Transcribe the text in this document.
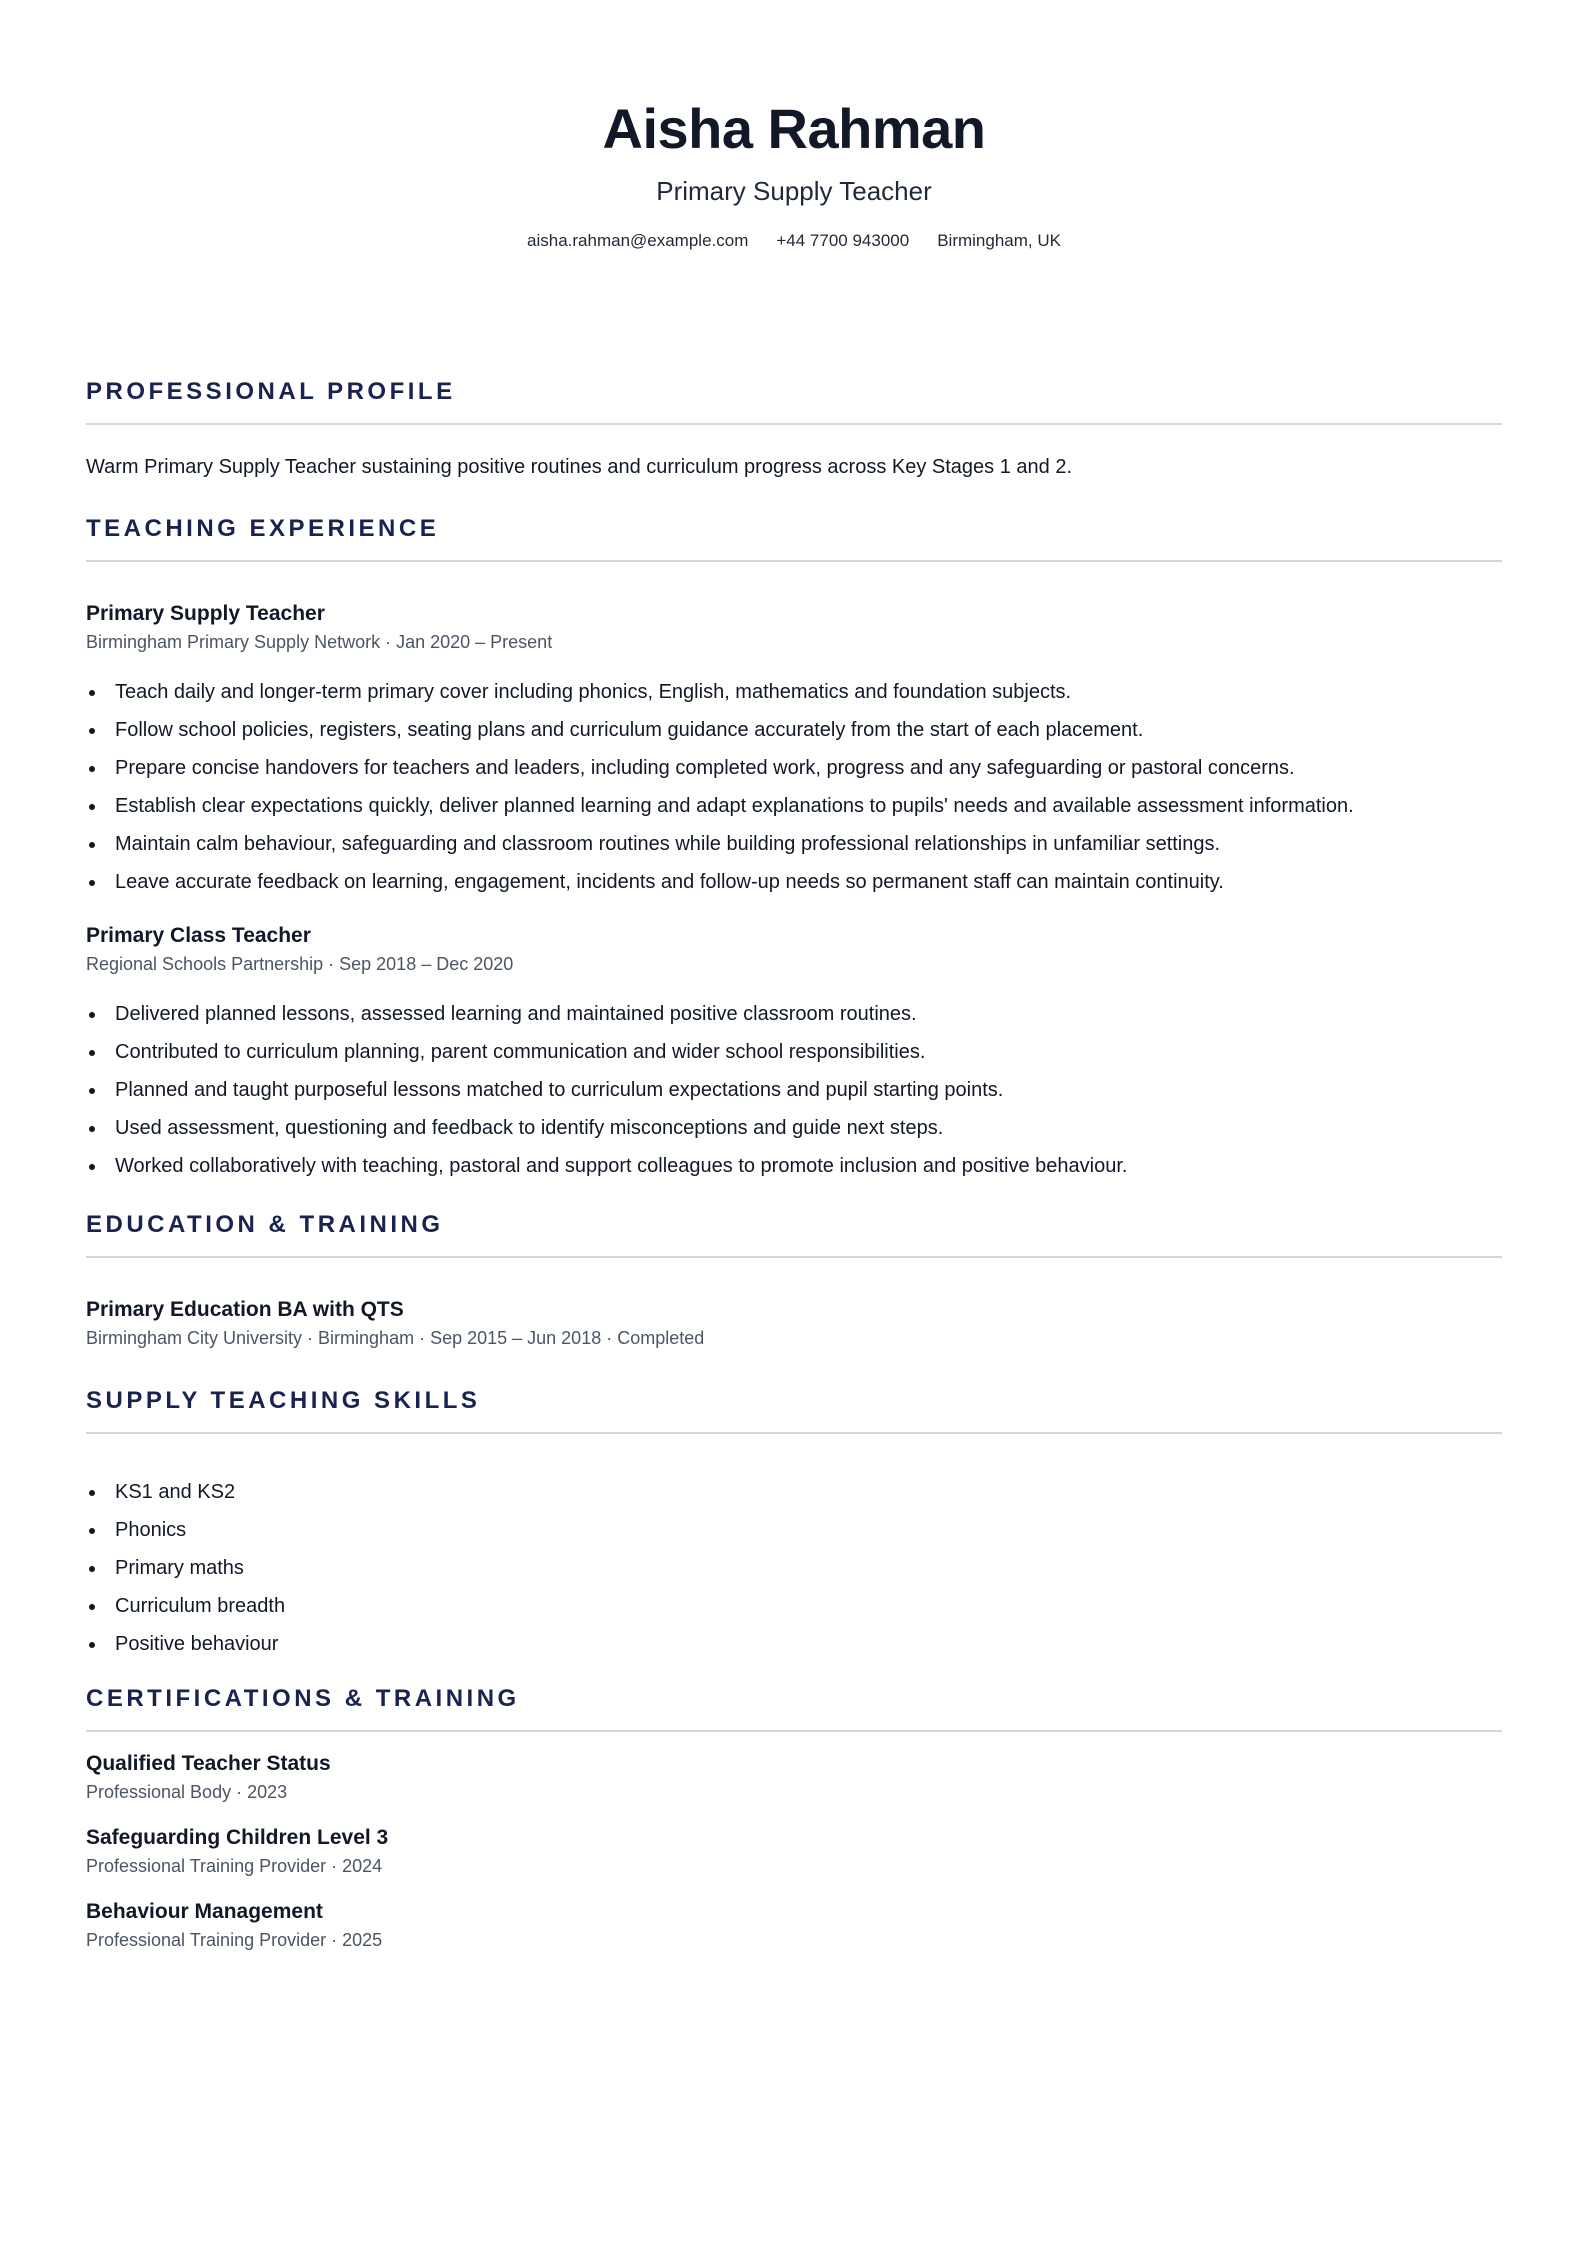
Aisha Rahman
Primary Supply Teacher
aisha.rahman@example.com +44 7700 943000 Birmingham, UK
PROFESSIONAL PROFILE
Warm Primary Supply Teacher sustaining positive routines and curriculum progress across Key Stages 1 and 2.
TEACHING EXPERIENCE
Primary Supply Teacher
Birmingham Primary Supply Network · Jan 2020 – Present
Teach daily and longer-term primary cover including phonics, English, mathematics and foundation subjects.
Follow school policies, registers, seating plans and curriculum guidance accurately from the start of each placement.
Prepare concise handovers for teachers and leaders, including completed work, progress and any safeguarding or pastoral concerns.
Establish clear expectations quickly, deliver planned learning and adapt explanations to pupils' needs and available assessment information.
Maintain calm behaviour, safeguarding and classroom routines while building professional relationships in unfamiliar settings.
Leave accurate feedback on learning, engagement, incidents and follow-up needs so permanent staff can maintain continuity.
Primary Class Teacher
Regional Schools Partnership · Sep 2018 – Dec 2020
Delivered planned lessons, assessed learning and maintained positive classroom routines.
Contributed to curriculum planning, parent communication and wider school responsibilities.
Planned and taught purposeful lessons matched to curriculum expectations and pupil starting points.
Used assessment, questioning and feedback to identify misconceptions and guide next steps.
Worked collaboratively with teaching, pastoral and support colleagues to promote inclusion and positive behaviour.
EDUCATION & TRAINING
Primary Education BA with QTS
Birmingham City University · Birmingham · Sep 2015 – Jun 2018 · Completed
SUPPLY TEACHING SKILLS
KS1 and KS2
Phonics
Primary maths
Curriculum breadth
Positive behaviour
CERTIFICATIONS & TRAINING
Qualified Teacher Status
Professional Body · 2023
Safeguarding Children Level 3
Professional Training Provider · 2024
Behaviour Management
Professional Training Provider · 2025
